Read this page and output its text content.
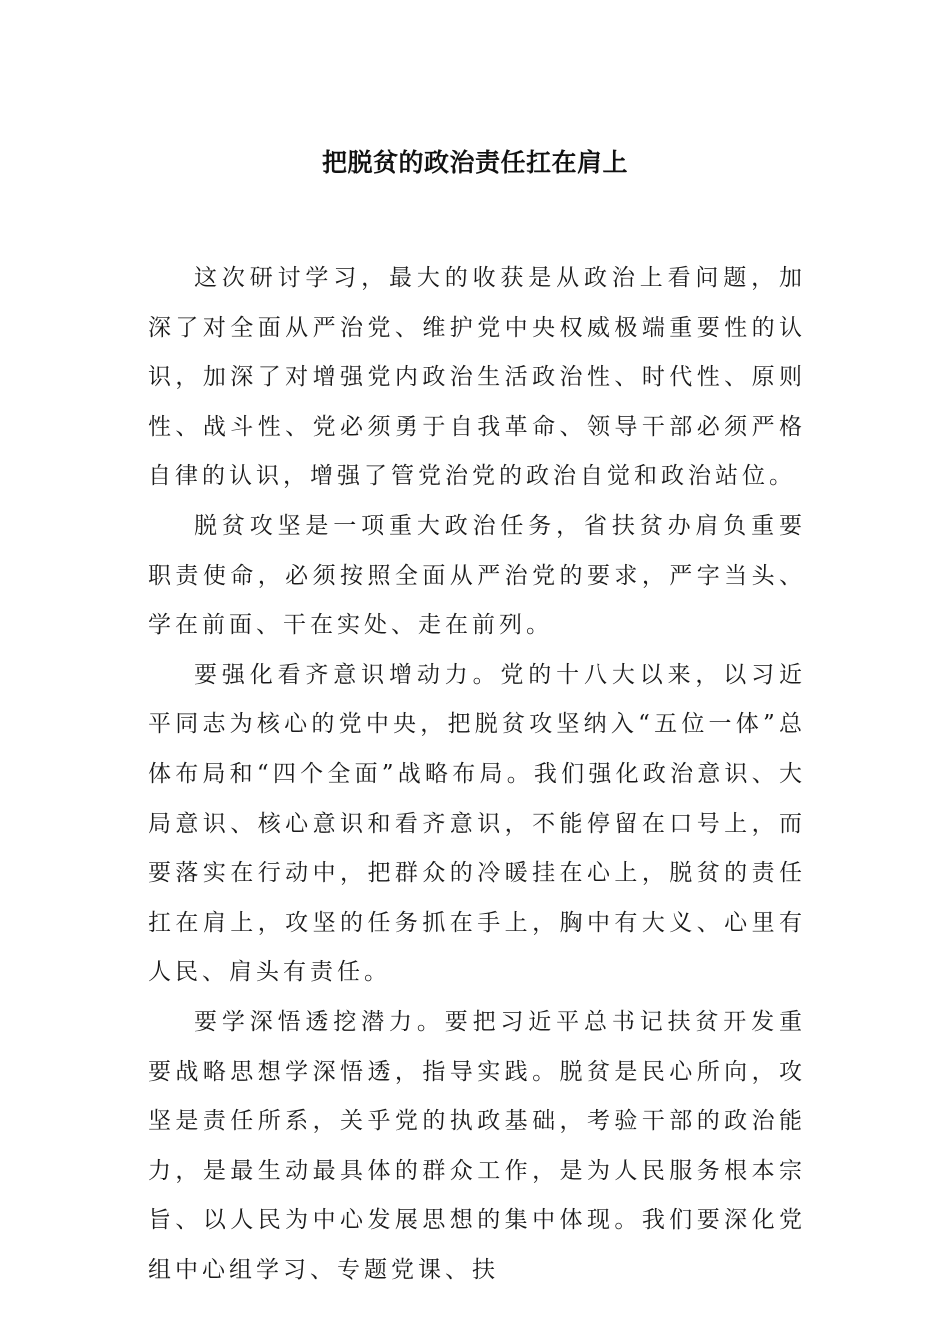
把脱贫的政治责任扛在肩上

这次研讨学习，最大的收获是从政治上看问题，加深了对全面从严治党、维护党中央权威极端重要性的认识，加深了对增强党内政治生活政治性、时代性、原则性、战斗性、党必须勇于自我革命、领导干部必须严格自律的认识，增强了管党治党的政治自觉和政治站位。

脱贫攻坚是一项重大政治任务，省扶贫办肩负重要职责使命，必须按照全面从严治党的要求，严字当头、学在前面、干在实处、走在前列。

要强化看齐意识增动力。党的十八大以来，以习近平同志为核心的党中央，把脱贫攻坚纳入“五位一体”总体布局和“四个全面”战略布局。我们强化政治意识、大局意识、核心意识和看齐意识，不能停留在口号上，而要落实在行动中，把群众的冷暖挂在心上，脱贫的责任扛在肩上，攻坚的任务抓在手上，胸中有大义、心里有人民、肩头有责任。

要学深悟透挖潜力。要把习近平总书记扶贫开发重要战略思想学深悟透，指导实践。脱贫是民心所向，攻坚是责任所系，关乎党的执政基础，考验干部的政治能力，是最生动最具体的群众工作，是为人民服务根本宗旨、以人民为中心发展思想的集中体现。我们要深化党组中心组学习、专题党课、扶
